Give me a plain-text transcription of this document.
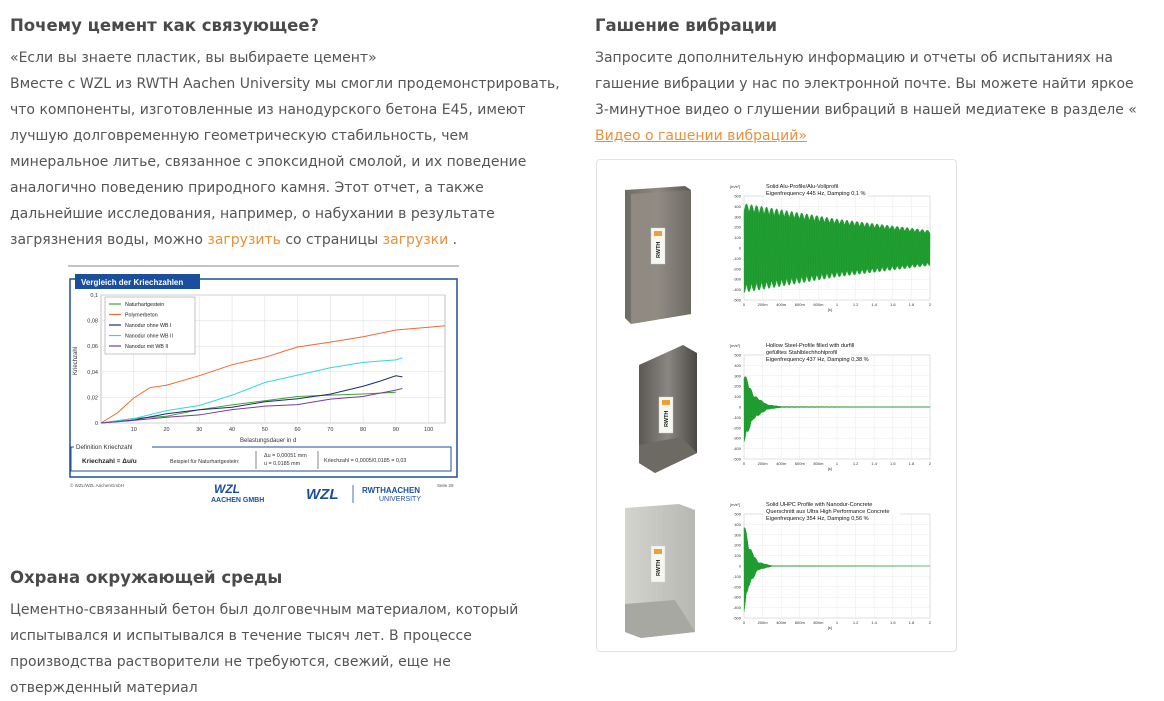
Почему цемент как связующее?

«Если вы знаете пластик, вы выбираете цемент»

Вместе с WZL из RWTH Aachen University мы смогли продемонстрировать, что компоненты, изготовленные из нанодурского бетона E45, имеют лучшую долговременную геометрическую стабильность, чем минеральное литье, связанное с эпоксидной смолой, и их поведение аналогично поведению природного камня. Этот отчет, а также дальнейшие исследования, например, о набухании в результате загрязнения воды, можно загрузить со страницы загрузки .

Охрана окружающей среды

Цементно-связанный бетон был долговечным материалом, который испытывался и испытывался в течение тысяч лет. В процессе производства растворители не требуются, свежий, еще не отвержденный материал

Vergleich der Kriechzahlen
0
0,02
0,04
0,06
0,08
0,1
10	20	30	40	50	60	70	80	90	100
Kriechzahl
Belastungsdauer in d
Naturhartgestein
Polymerbeton
Nanodur ohne WB I
Nanodur ohne WB II
Nanodur mit WB II
Definition Kriechzahl
Kriechzahl = Δu/u	Beispiel für Naturhartgestein:
Δu = 0,00051 mm
u = 0,0185 mm	Kriechzahl = 0,0005/0,0185 = 0,03
© WZL/WZL AachenGmbH	Seite 28
WZL
AACHEN GMBH	WZL	RWTHAACHEN
UNIVERSITY
Гашение вибрации

Запросите дополнительную информацию и отчеты об испытаниях на гашение вибрации у нас по электронной почте. Вы можете найти яркое 3-минутное видео о глушении вибраций в нашей медиатеке в разделе « Видео о гашении вибраций»

RWTH
[m/s²]
500
400
300
200
100
0
-100
-200
-300
-400
-500
0	200m 400m 600m 800m	1	1.2	1.4	1.6	1.8	2
[s]
Solid Alu-Profile/Alu-Vollprofil
Eigenfrequency 445 Hz, Damping 0,1 %
RWTH
[m/s²]
500
400
300
200
100
0
-100
-200
-300
-400
-500
0	200m 400m 600m 800m	1	1.2	1.4	1.6	1.8	2
[s]
Hollow Steel-Profile filled with durfill
gefülltes Stahlblechhohlprofil
Eigenfrequency 437 Hz, Damping 0,38 %
RWTH
[m/s²]
500
400
300
200
100
0
-100
-200
-300
-400
-500
0	200m 400m 600m 800m	1	1.2	1.4	1.6	1.8	2
[s]
Solid UHPC Profile with Nanodur-Concrete
Querschnitt aus Ultra High Performance Concrete
Eigenfrequency 354 Hz, Damping 0,56 %
